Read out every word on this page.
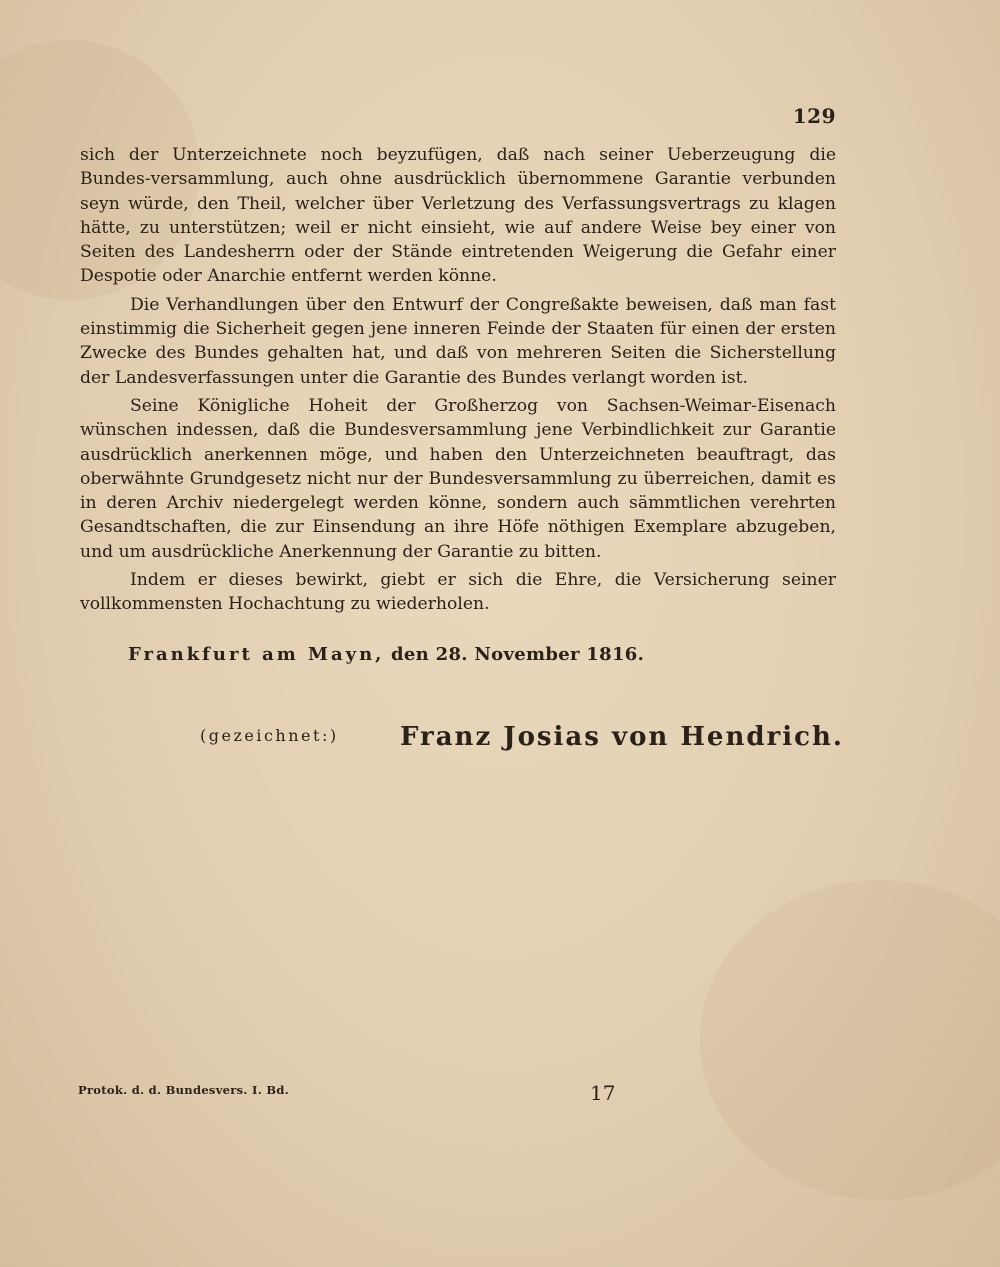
129

sich der Unterzeichnete noch beyzufügen, daß nach seiner Ueberzeugung die Bundes-versammlung, auch ohne ausdrücklich übernommene Garantie verbunden seyn würde, den Theil, welcher über Verletzung des Verfassungsvertrags zu klagen hätte, zu unterstützen; weil er nicht einsieht, wie auf andere Weise bey einer von Seiten des Landesherrn oder der Stände eintretenden Weigerung die Gefahr einer Despotie oder Anarchie entfernt werden könne.

Die Verhandlungen über den Entwurf der Congreßakte beweisen, daß man fast einstimmig die Sicherheit gegen jene inneren Feinde der Staaten für einen der ersten Zwecke des Bundes gehalten hat, und daß von mehreren Seiten die Sicherstellung der Landesverfassungen unter die Garantie des Bundes verlangt worden ist.

Seine Königliche Hoheit der Großherzog von Sachsen-Weimar-Eisenach wünschen indessen, daß die Bundesversammlung jene Verbindlichkeit zur Garantie ausdrücklich anerkennen möge, und haben den Unterzeichneten beauftragt, das oberwähnte Grundgesetz nicht nur der Bundesversammlung zu überreichen, damit es in deren Archiv niedergelegt werden könne, sondern auch sämmtlichen verehrten Gesandtschaften, die zur Einsendung an ihre Höfe nöthigen Exemplare abzugeben, und um ausdrückliche Anerkennung der Garantie zu bitten.

Indem er dieses bewirkt, giebt er sich die Ehre, die Versicherung seiner vollkommensten Hochachtung zu wiederholen.

Frankfurt am Mayn, den 28. November 1816.
(gezeichnet:) Franz Josias von Hendrich.
Protok. d. d. Bundesvers. I. Bd.	17
